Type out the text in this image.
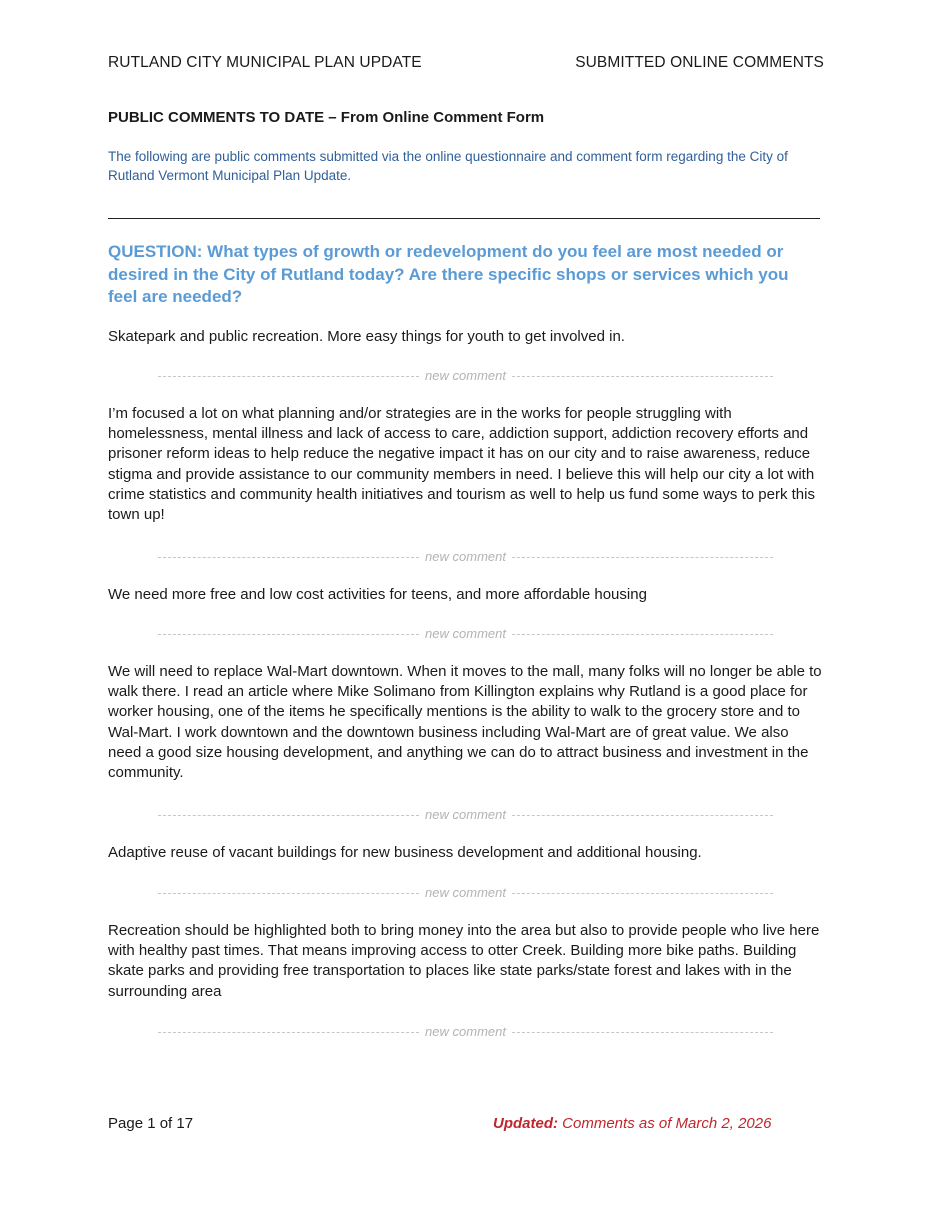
RUTLAND CITY MUNICIPAL PLAN UPDATE	SUBMITTED ONLINE COMMENTS
PUBLIC COMMENTS TO DATE – From Online Comment Form
The following are public comments submitted via the online questionnaire and comment form regarding the City of Rutland Vermont Municipal Plan Update.
QUESTION: What types of growth or redevelopment do you feel are most needed or desired in the City of Rutland today? Are there specific shops or services which you feel are needed?
Skatepark and public recreation. More easy things for youth to get involved in.
new comment
I’m focused a lot on what planning and/or strategies are in the works for people struggling with homelessness, mental illness and lack of access to care, addiction support, addiction recovery efforts and prisoner reform ideas to help reduce the negative impact it has on our city and to raise awareness, reduce stigma and provide assistance to our community members in need. I believe this will help our city a lot with crime statistics and community health initiatives and tourism as well to help us fund some ways to perk this town up!
new comment
We need more free and low cost activities for teens, and more affordable housing
new comment
We will need to replace Wal-Mart downtown. When it moves to the mall, many folks will no longer be able to walk there. I read an article where Mike Solimano from Killington explains why Rutland is a good place for worker housing, one of the items he specifically mentions is the ability to walk to the grocery store and to Wal-Mart. I work downtown and the downtown business including Wal-Mart are of great value. We also need a good size housing development, and anything we can do to attract business and investment in the community.
new comment
Adaptive reuse of vacant buildings for new business development and additional housing.
new comment
Recreation should be highlighted both to bring money into the area but also to provide people who live here with healthy past times. That means improving access to otter Creek. Building more bike paths. Building skate parks and providing free transportation to places like state parks/state forest and lakes with in the surrounding area
new comment
Page 1 of 17	Updated: Comments as of March 2, 2026
